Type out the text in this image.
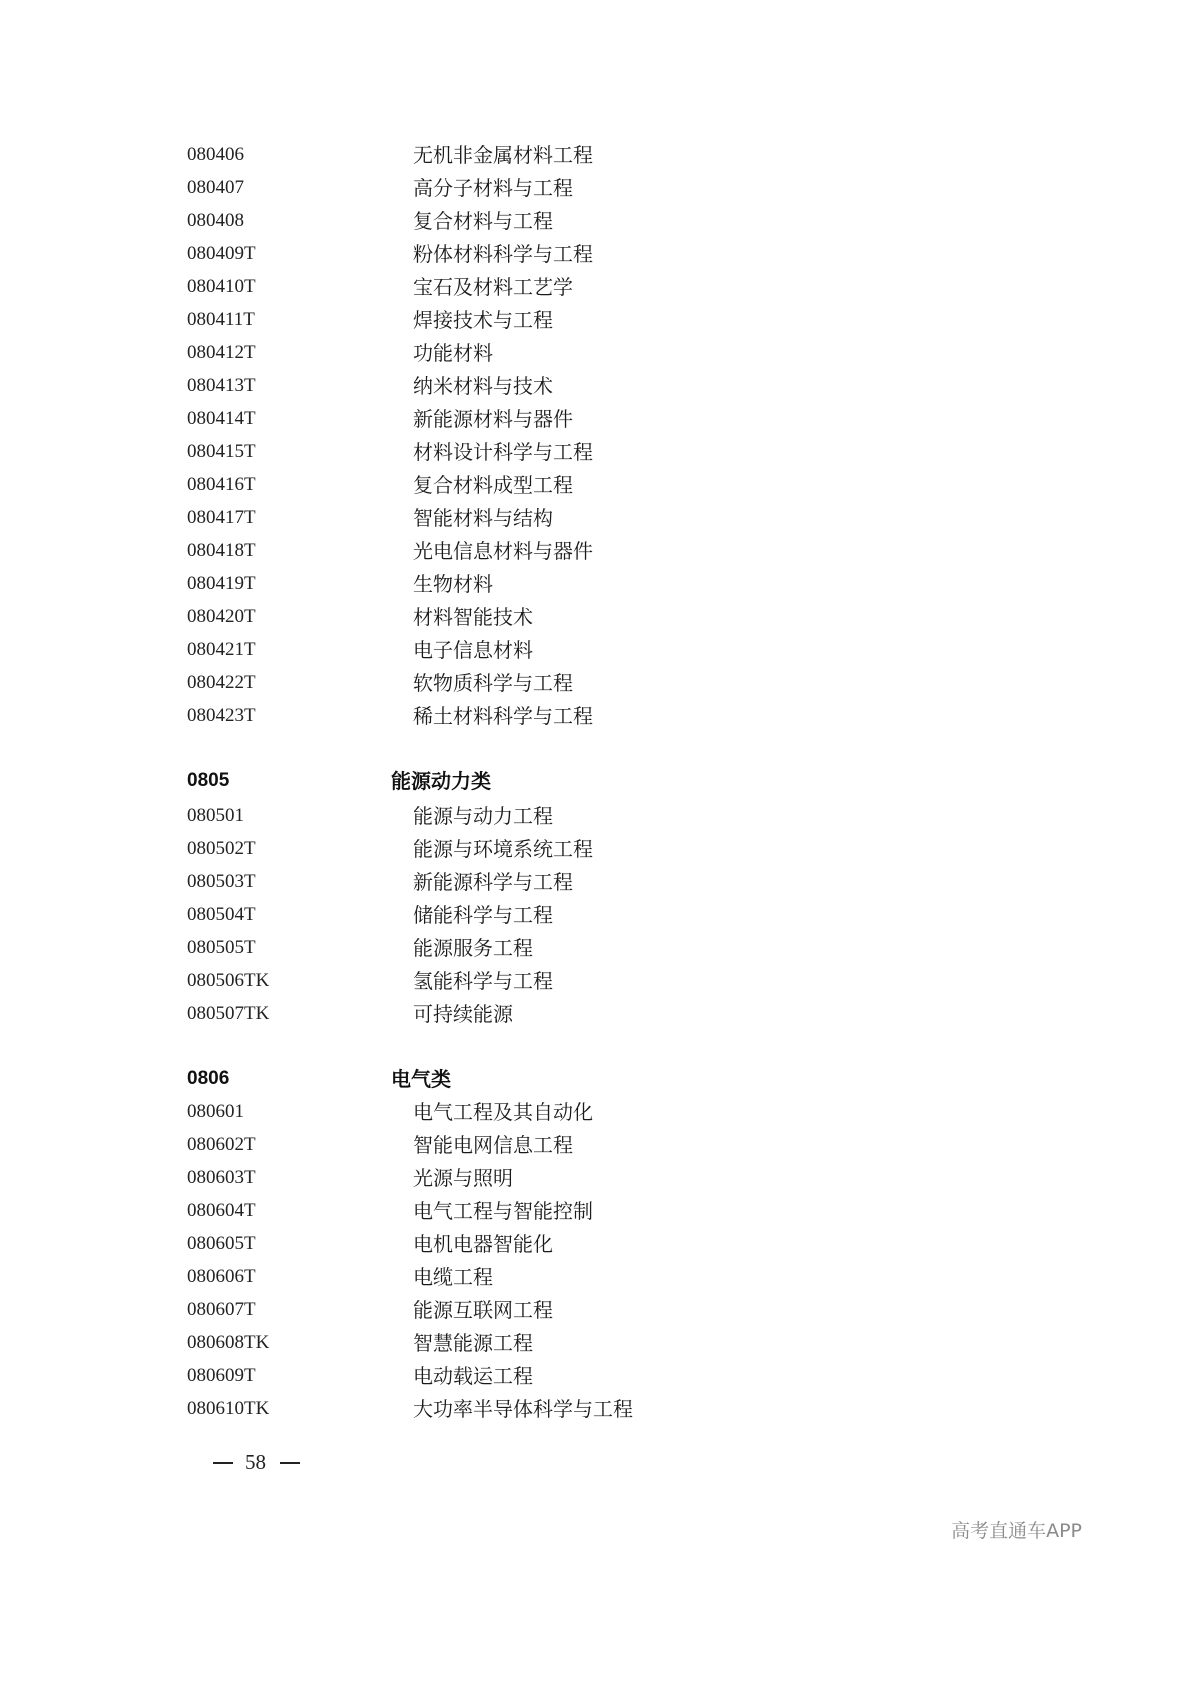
080406	无机非金属材料工程
080407	高分子材料与工程
080408	复合材料与工程
080409T	粉体材料科学与工程
080410T	宝石及材料工艺学
080411T	焊接技术与工程
080412T	功能材料
080413T	纳米材料与技术
080414T	新能源材料与器件
080415T	材料设计科学与工程
080416T	复合材料成型工程
080417T	智能材料与结构
080418T	光电信息材料与器件
080419T	生物材料
080420T	材料智能技术
080421T	电子信息材料
080422T	软物质科学与工程
080423T	稀土材料科学与工程
0805	能源动力类
080501	能源与动力工程
080502T	能源与环境系统工程
080503T	新能源科学与工程
080504T	储能科学与工程
080505T	能源服务工程
080506TK	氢能科学与工程
080507TK	可持续能源
0806	电气类
080601	电气工程及其自动化
080602T	智能电网信息工程
080603T	光源与照明
080604T	电气工程与智能控制
080605T	电机电器智能化
080606T	电缆工程
080607T	能源互联网工程
080608TK	智慧能源工程
080609T	电动载运工程
080610TK	大功率半导体科学与工程
58
高考直通车APP
